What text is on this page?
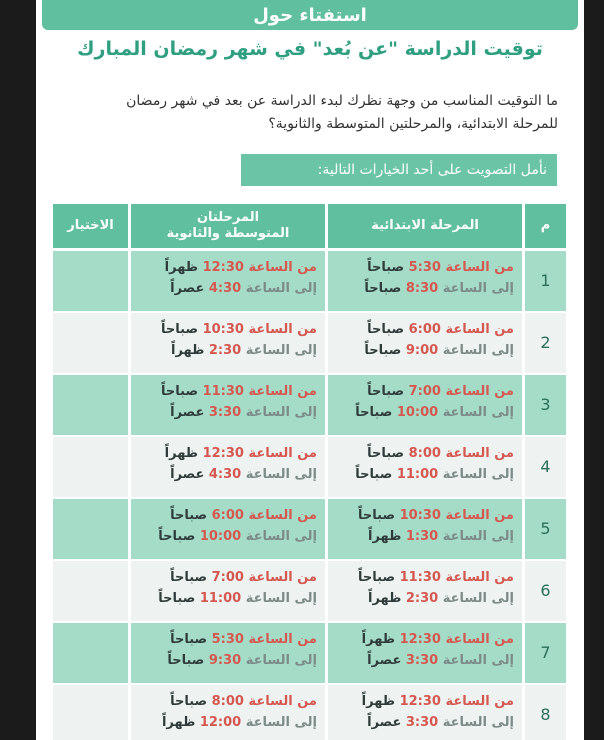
استفتاء حول
توقيت الدراسة "عن بُعد" في شهر رمضان المبارك
ما التوقيت المناسب من وجهة نظرك لبدء الدراسة عن بعد في شهر رمضان
للمرحلة الابتدائية، والمرحلتين المتوسطة والثانوية؟
نأمل التصويت على أحد الخيارات التالية:
م
المرحلة الابتدائية
المرحلتان
المتوسطة والثانوية
الاختيار
1
من الساعة 5:30 صباحاً
إلى الساعة 8:30 صباحاً
من الساعة 12:30 ظهراً
إلى الساعة 4:30 عصراً
2
من الساعة 6:00 صباحاً
إلى الساعة 9:00 صباحاً
من الساعة 10:30 صباحاً
إلى الساعة 2:30 ظهراً
3
من الساعة 7:00 صباحاً
إلى الساعة 10:00 صباحاً
من الساعة 11:30 صباحاً
إلى الساعة 3:30 عصراً
4
من الساعة 8:00 صباحاً
إلى الساعة 11:00 صباحاً
من الساعة 12:30 ظهراً
إلى الساعة 4:30 عصراً
5
من الساعة 10:30 صباحاً
إلى الساعة 1:30 ظهراً
من الساعة 6:00 صباحاً
إلى الساعة 10:00 صباحاً
6
من الساعة 11:30 صباحاً
إلى الساعة 2:30 ظهراً
من الساعة 7:00 صباحاً
إلى الساعة 11:00 صباحاً
7
من الساعة 12:30 ظهراً
إلى الساعة 3:30 عصراً
من الساعة 5:30 صباحاً
إلى الساعة 9:30 صباحاً
8
من الساعة 12:30 ظهراً
إلى الساعة 3:30 عصراً
من الساعة 8:00 صباحاً
إلى الساعة 12:00 ظهراً
